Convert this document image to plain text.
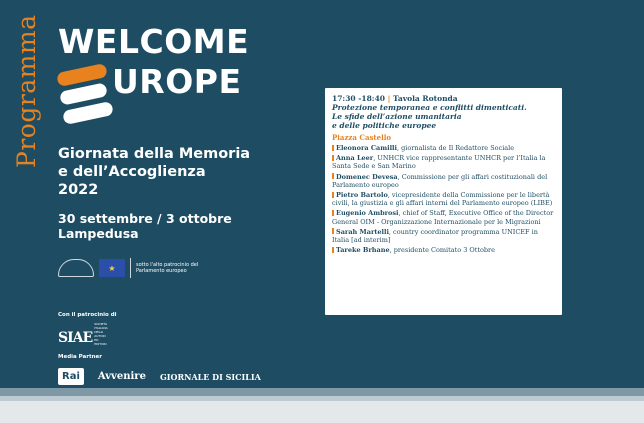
Programma WELCOME
UROPE
Giornata della Memoria
e dell’Accoglienza
2022
30 settembre / 3 ottobre
Lampedusa
★	sotto l'alto patrocinio del Parlamento europeo
Con il patrocinio di
SIAE
SOCIETÀ ITALIANA DEGLI AUTORI ED EDITORI
Media Partner
Rai	Avvenire GIORNALE DI SICILIA
17:30 -18:40 | Tavola Rotonda
Protezione temporanea e conflitti dimenticati.
Le sfide dell’azione umanitaria
e delle politiche europee
Piazza Castello
Eleonora Camilli, giornalista de Il Redattore Sociale
Anna Leer, UNHCR vice rappresentante UNHCR per l’Italia la Santa Sede e San Marino
Domenec Devesa, Commissione per gli affari costituzionali del Parlamento europeo
Pietro Bartolo, vicepresidente della Commissione per le libertà civili, la giustizia e gli affari interni del Parlamento europeo (LIBE)
Eugenio Ambrosi, chief of Staff, Executive Office of the Director General OIM - Organizzazione Internazionale per le Migrazioni
Sarah Martelli, country coordinator programma UNICEF in Italia [ad interim]
Tareke Brhane, presidente Comitato 3 Ottobre
